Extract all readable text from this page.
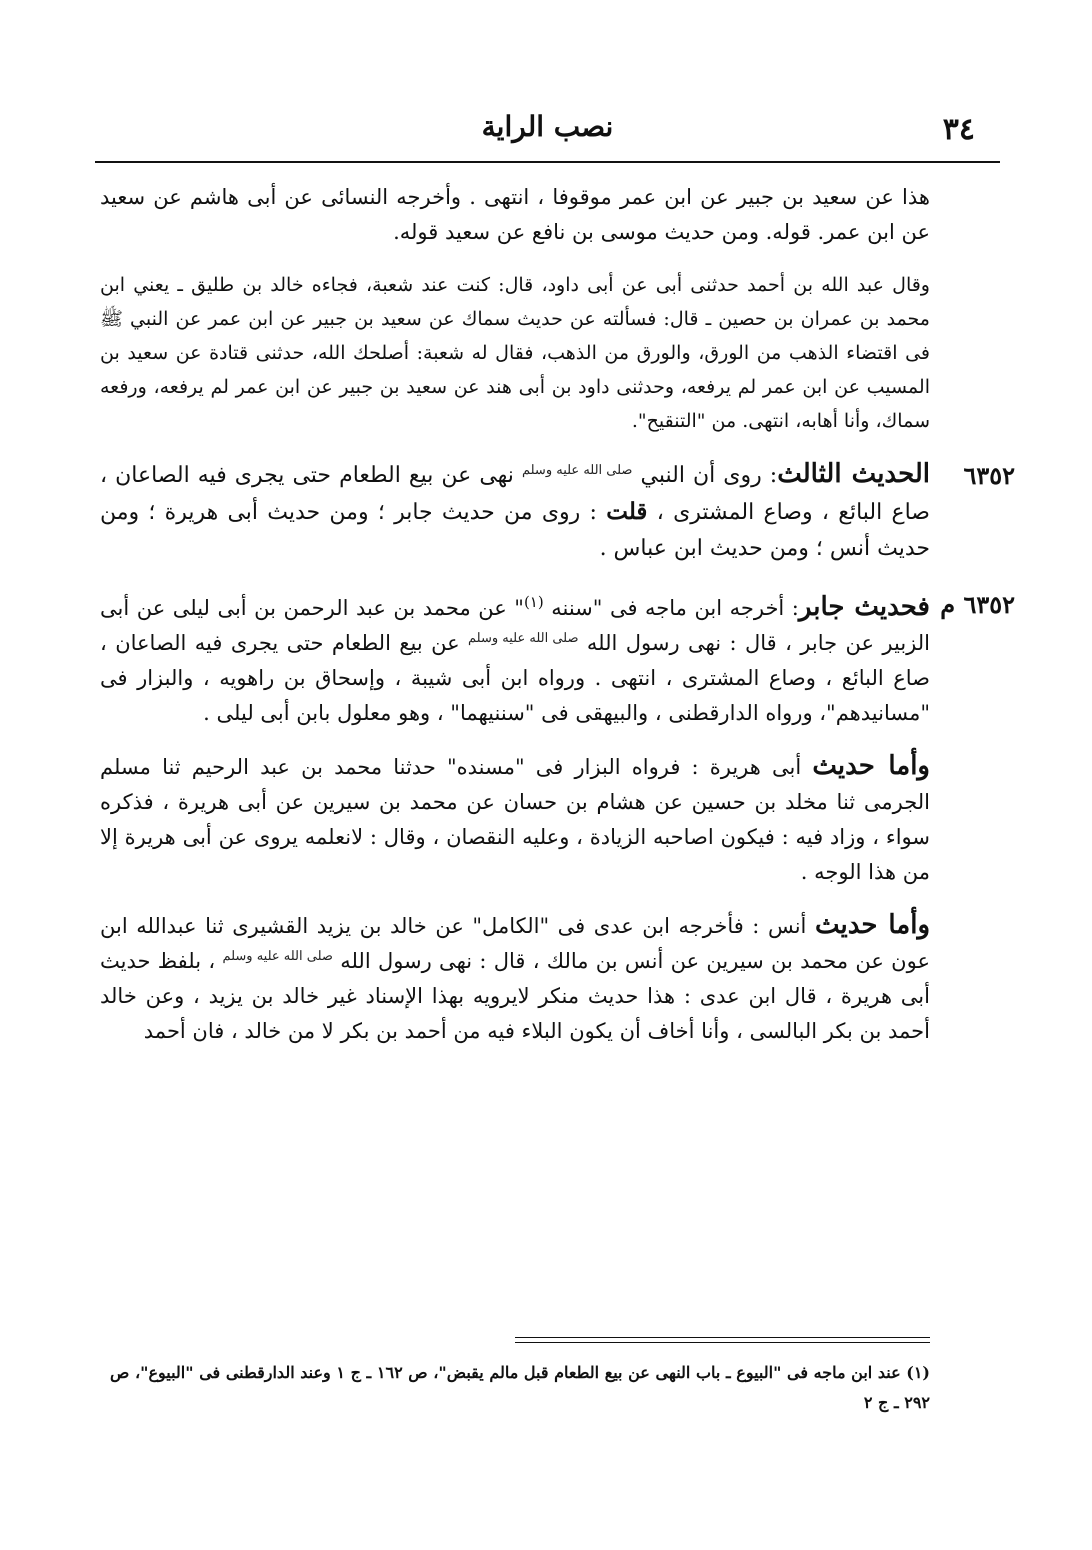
٣٤
نصب الراية

هذا عن سعيد بن جبير عن ابن عمر موقوفا ، انتهى . وأخرجه النسائى عن أبى هاشم عن سعيد عن ابن عمر. قوله. ومن حديث موسى بن نافع عن سعيد قوله.

وقال عبد الله بن أحمد حدثنى أبى عن أبى داود، قال: كنت عند شعبة، فجاءه خالد بن طليق ـ يعني ابن محمد بن عمران بن حصين ـ قال: فسألته عن حديث سماك عن سعيد بن جبير عن ابن عمر عن النبي ﷺ فى اقتضاء الذهب من الورق، والورق من الذهب، فقال له شعبة: أصلحك الله، حدثنى قتادة عن سعيد بن المسيب عن ابن عمر لم يرفعه، وحدثنى داود بن أبى هند عن سعيد بن جبير عن ابن عمر لم يرفعه، ورفعه سماك، وأنا أهابه، انتهى. من "التنقيح".

٦٣٥٢
الحديث الثالث: روى أن النبي صلى الله عليه وسلم نهى عن بيع الطعام حتى يجرى فيه الصاعان ، صاع البائع ، وصاع المشترى ، قلت : روى من حديث جابر ؛ ومن حديث أبى هريرة ؛ ومن حديث أنس ؛ ومن حديث ابن عباس .
٦٣٥٢ م
فحديث جابر: أخرجه ابن ماجه فى "سننه $^{(١)}$" عن محمد بن عبد الرحمن بن أبى ليلى عن أبى الزبير عن جابر ، قال : نهى رسول الله صلى الله عليه وسلم عن بيع الطعام حتى يجرى فيه الصاعان ، صاع البائع ، وصاع المشترى ، انتهى . ورواه ابن أبى شيبة ، وإسحاق بن راهويه ، والبزار فى "مسانيدهم"، ورواه الدارقطنى ، والبيهقى فى "سننيهما" ، وهو معلول بابن أبى ليلى .
وأما حديث أبى هريرة : فرواه البزار فى "مسنده" حدثنا محمد بن عبد الرحيم ثنا مسلم الجرمى ثنا مخلد بن حسين عن هشام بن حسان عن محمد بن سيرين عن أبى هريرة ، فذكره سواء ، وزاد فيه : فيكون اصاحبه الزيادة ، وعليه النقصان ، وقال : لانعلمه يروى عن أبى هريرة إلا من هذا الوجه .
وأما حديث أنس : فأخرجه ابن عدى فى "الكامل" عن خالد بن يزيد القشيرى ثنا عبدالله ابن عون عن محمد بن سيرين عن أنس بن مالك ، قال : نهى رسول الله صلى الله عليه وسلم ، بلفظ حديث أبى هريرة ، قال ابن عدى : هذا حديث منكر لايرويه بهذا الإسناد غير خالد بن يزيد ، وعن خالد أحمد بن بكر البالسى ، وأنا أخاف أن يكون البلاء فيه من أحمد بن بكر لا من خالد ، فان أحمد
(١) عند ابن ماجه فى "البيوع ـ باب النهى عن بيع الطعام قبل مالم يقبض"، ص ١٦٢ ـ ج ١ وعند الدارقطنى فى "البيوع"، ص ٢٩٢ ـ ج ٢
